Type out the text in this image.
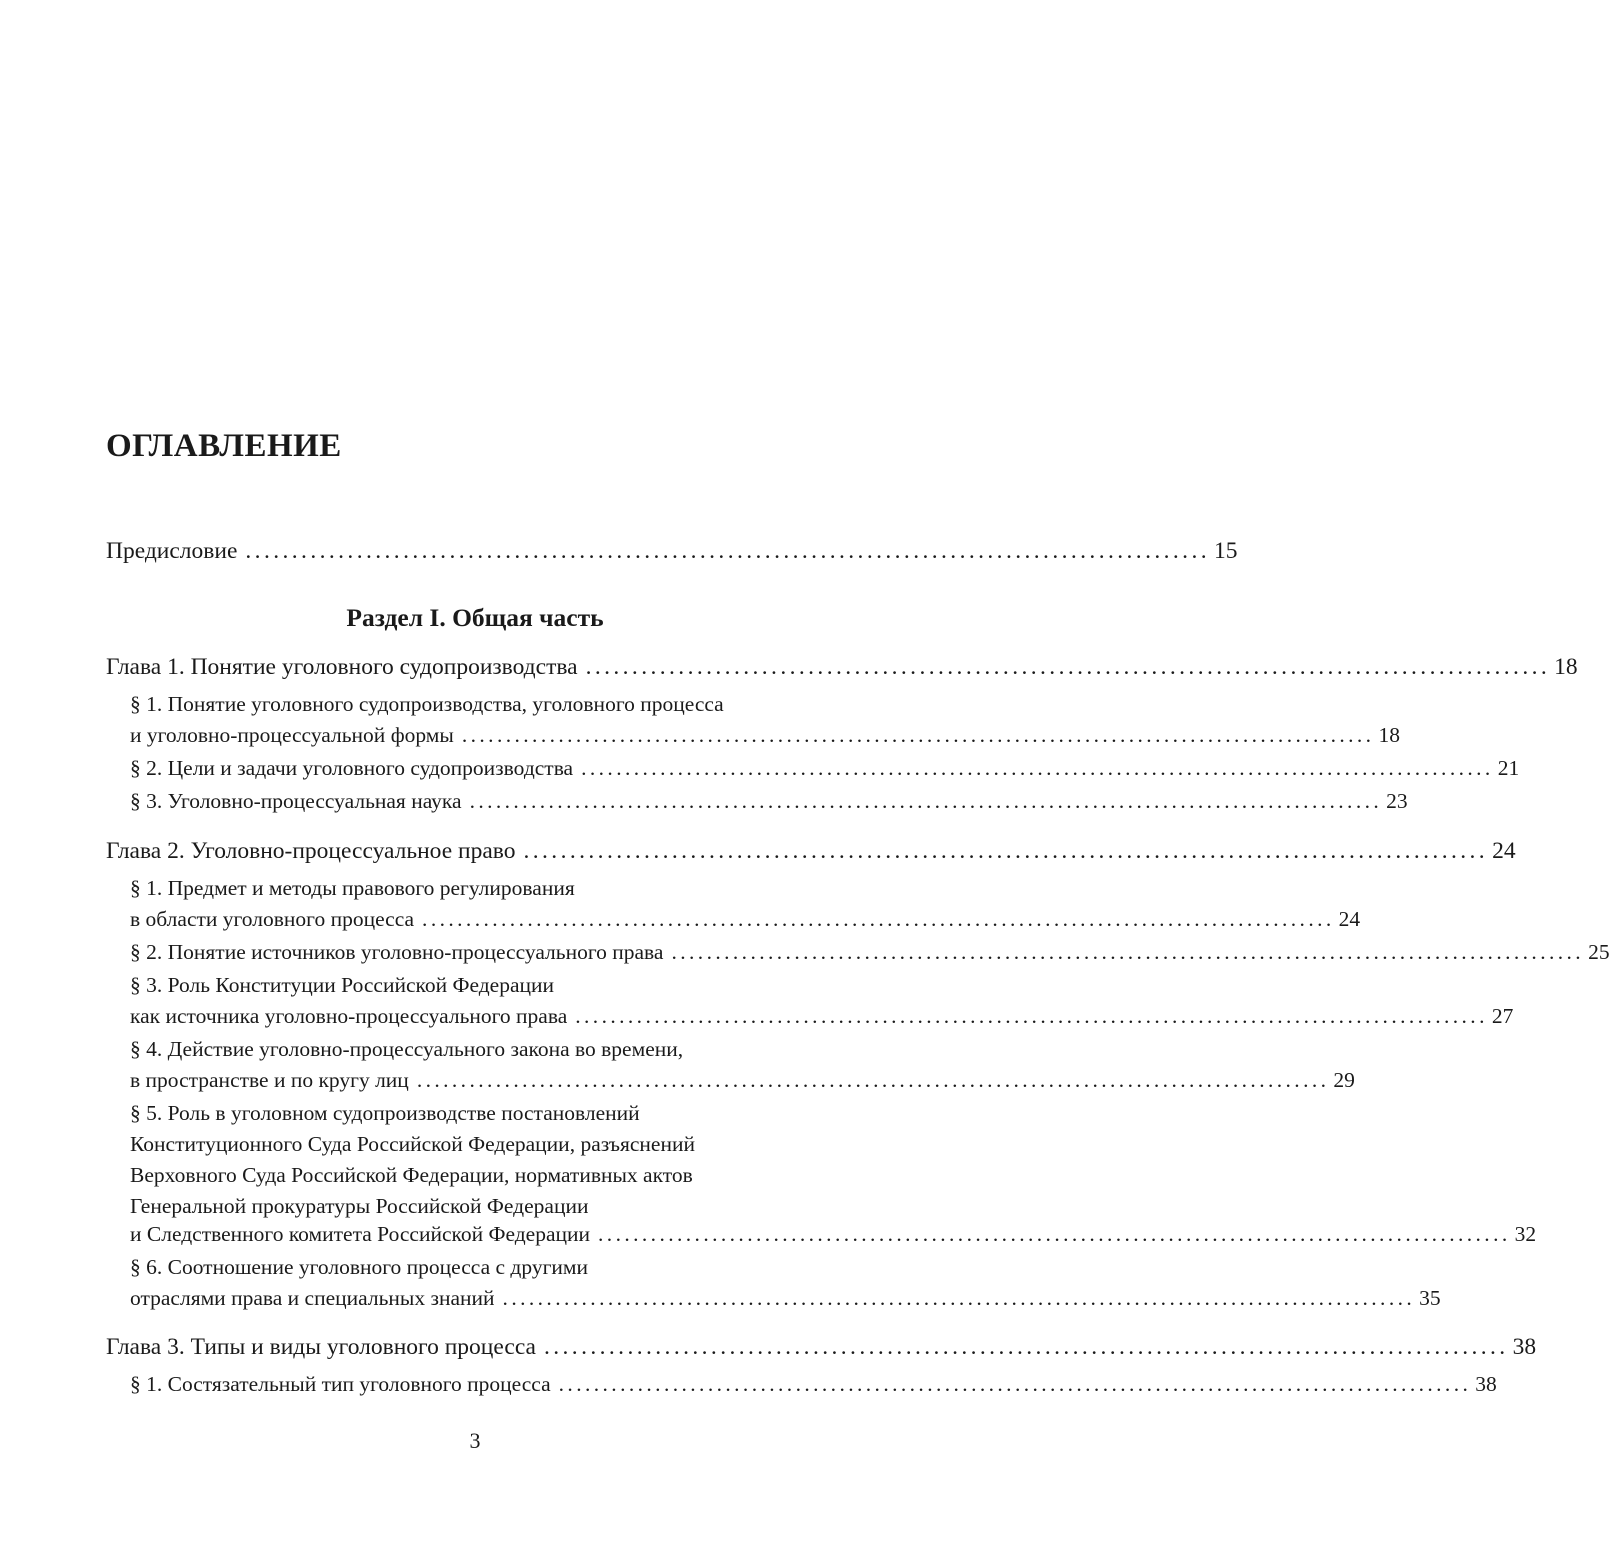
ОГЛАВЛЕНИЕ
Предисловие ........................................................................................................ 15
Раздел I. Общая часть
Глава 1. Понятие уголовного судопроизводства ........................................................................................................ 18
§ 1. Понятие уголовного судопроизводства, уголовного процесса
и уголовно-процессуальной формы ........................................................................................................ 18
§ 2. Цели и задачи уголовного судопроизводства ........................................................................................................ 21
§ 3. Уголовно-процессуальная наука ........................................................................................................ 23
Глава 2. Уголовно-процессуальное право ........................................................................................................ 24
§ 1. Предмет и методы правового регулирования
в области уголовного процесса ........................................................................................................ 24
§ 2. Понятие источников уголовно-процессуального права ........................................................................................................ 25
§ 3. Роль Конституции Российской Федерации
как источника уголовно-процессуального права ........................................................................................................ 27
§ 4. Действие уголовно-процессуального закона во времени,
в пространстве и по кругу лиц ........................................................................................................ 29
§ 5. Роль в уголовном судопроизводстве постановлений
Конституционного Суда Российской Федерации, разъяснений
Верховного Суда Российской Федерации, нормативных актов
Генеральной прокуратуры Российской Федерации
и Следственного комитета Российской Федерации ........................................................................................................ 32
§ 6. Соотношение уголовного процесса с другими
отраслями права и специальных знаний ........................................................................................................ 35
Глава 3. Типы и виды уголовного процесса ........................................................................................................ 38
§ 1. Состязательный тип уголовного процесса ........................................................................................................ 38
3
